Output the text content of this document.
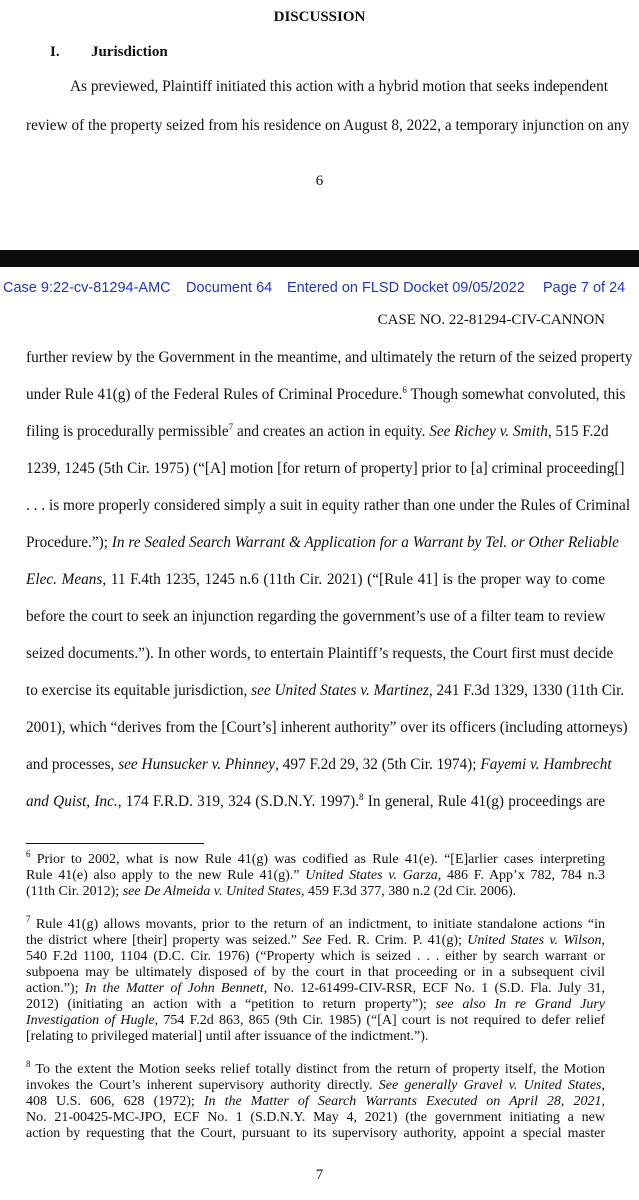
DISCUSSION
I. Jurisdiction
As previewed, Plaintiff initiated this action with a hybrid motion that seeks independent
review of the property seized from his residence on August 8, 2022, a temporary injunction on any
6
Case 9:22-cv-81294-AMC Document 64 Entered on FLSD Docket 09/05/2022 Page 7 of 24
CASE NO. 22-81294-CIV-CANNON
further review by the Government in the meantime, and ultimately the return of the seized property
under Rule 41(g) of the Federal Rules of Criminal Procedure.$^6$ Though somewhat convoluted, this
filing is procedurally permissible$^7$ and creates an action in equity. See Richey v. Smith, 515 F.2d
1239, 1245 (5th Cir. 1975) (“[A] motion [for return of property] prior to [a] criminal proceeding[]
. . . is more properly considered simply a suit in equity rather than one under the Rules of Criminal
Procedure.”); In re Sealed Search Warrant & Application for a Warrant by Tel. or Other Reliable
Elec. Means, 11 F.4th 1235, 1245 n.6 (11th Cir. 2021) (“[Rule 41] is the proper way to come
before the court to seek an injunction regarding the government’s use of a filter team to review
seized documents.”). In other words, to entertain Plaintiff’s requests, the Court first must decide
to exercise its equitable jurisdiction, see United States v. Martinez, 241 F.3d 1329, 1330 (11th Cir.
2001), which “derives from the [Court’s] inherent authority” over its officers (including attorneys)
and processes, see Hunsucker v. Phinney, 497 F.2d 29, 32 (5th Cir. 1974); Fayemi v. Hambrecht
and Quist, Inc., 174 F.R.D. 319, 324 (S.D.N.Y. 1997).$^8$ In general, Rule 41(g) proceedings are
$^6$ Prior to 2002, what is now Rule 41(g) was codified as Rule 41(e). “[E]arlier cases interpreting
Rule 41(e) also apply to the new Rule 41(g).” United States v. Garza, 486 F. App’x 782, 784 n.3
(11th Cir. 2012); see De Almeida v. United States, 459 F.3d 377, 380 n.2 (2d Cir. 2006).
$^7$ Rule 41(g) allows movants, prior to the return of an indictment, to initiate standalone actions “in
the district where [their] property was seized.” See Fed. R. Crim. P. 41(g); United States v. Wilson,
540 F.2d 1100, 1104 (D.C. Cir. 1976) (“Property which is seized . . . either by search warrant or
subpoena may be ultimately disposed of by the court in that proceeding or in a subsequent civil
action.”); In the Matter of John Bennett, No. 12-61499-CIV-RSR, ECF No. 1 (S.D. Fla. July 31,
2012) (initiating an action with a “petition to return property”); see also In re Grand Jury
Investigation of Hugle, 754 F.2d 863, 865 (9th Cir. 1985) (“[A] court is not required to defer relief
[relating to privileged material] until after issuance of the indictment.”).
$^8$ To the extent the Motion seeks relief totally distinct from the return of property itself, the Motion
invokes the Court’s inherent supervisory authority directly. See generally Gravel v. United States,
408 U.S. 606, 628 (1972); In the Matter of Search Warrants Executed on April 28, 2021,
No. 21-00425-MC-JPO, ECF No. 1 (S.D.N.Y. May 4, 2021) (the government initiating a new
action by requesting that the Court, pursuant to its supervisory authority, appoint a special master
7
